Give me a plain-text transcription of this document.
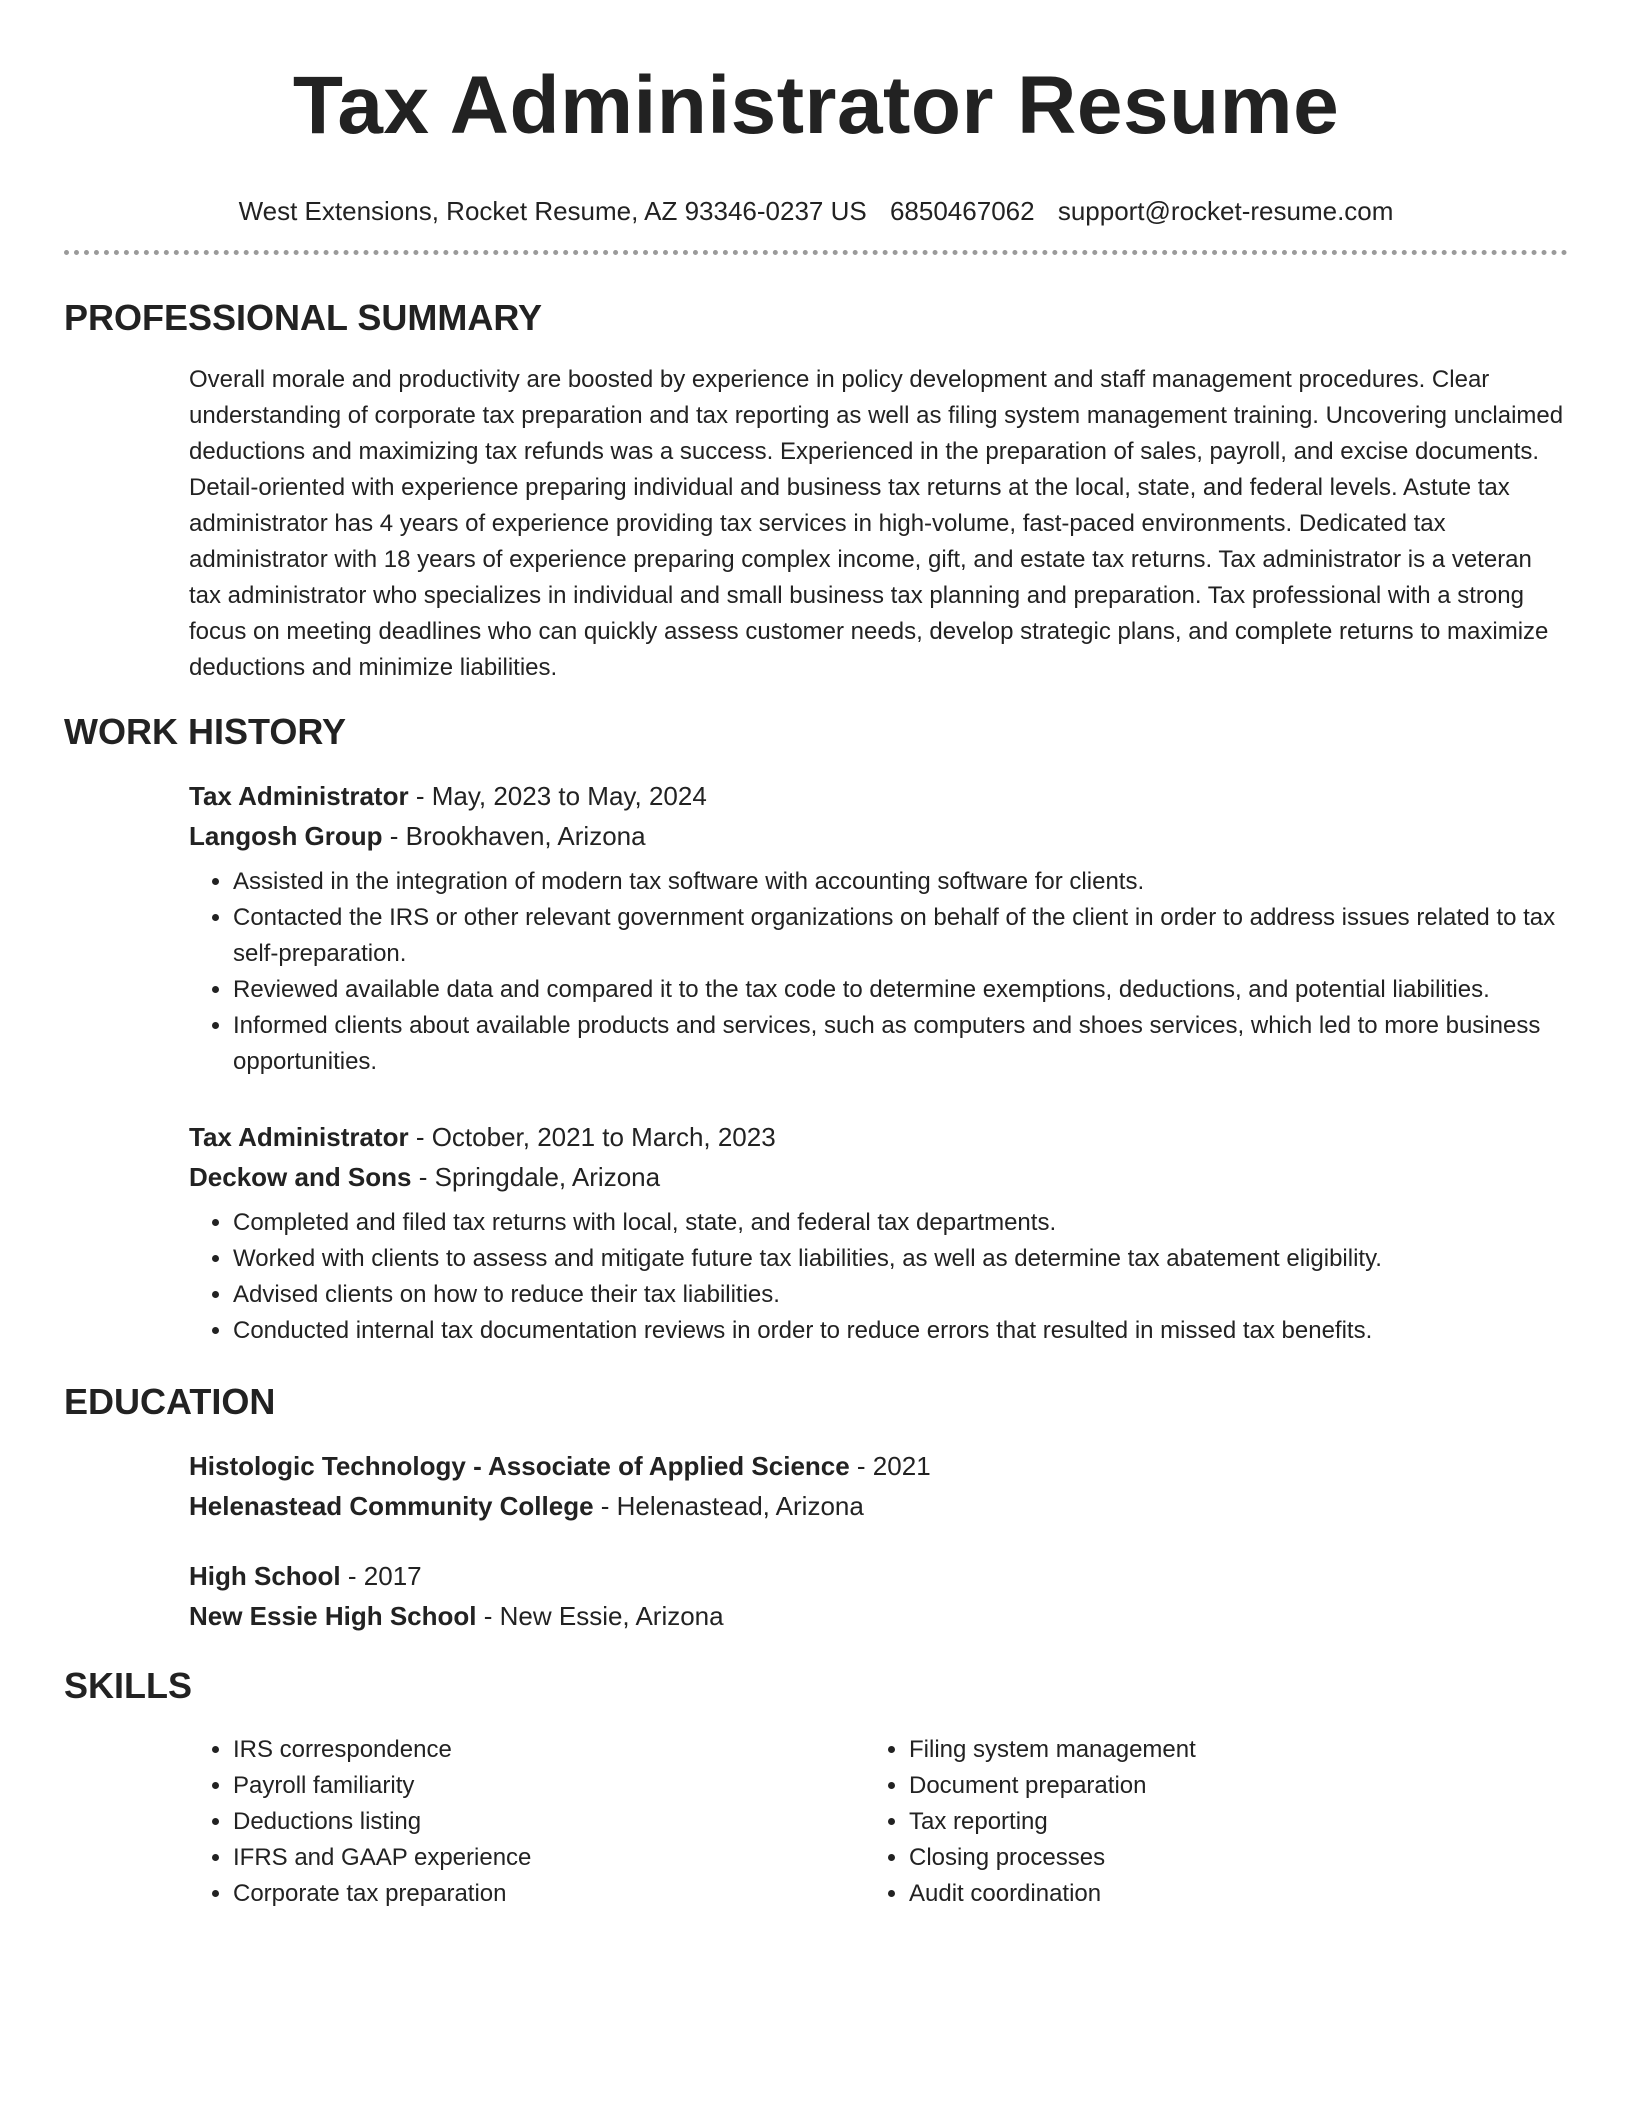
Tax Administrator Resume
West Extensions, Rocket Resume, AZ 93346-0237 US 6850467062 support@rocket-resume.com
PROFESSIONAL SUMMARY

Overall morale and productivity are boosted by experience in policy development and staff management procedures. Clear understanding of corporate tax preparation and tax reporting as well as filing system management training. Uncovering unclaimed deductions and maximizing tax refunds was a success. Experienced in the preparation of sales, payroll, and excise documents. Detail-oriented with experience preparing individual and business tax returns at the local, state, and federal levels. Astute tax administrator has 4 years of experience providing tax services in high-volume, fast-paced environments. Dedicated tax administrator with 18 years of experience preparing complex income, gift, and estate tax returns. Tax administrator is a veteran tax administrator who specializes in individual and small business tax planning and preparation. Tax professional with a strong focus on meeting deadlines who can quickly assess customer needs, develop strategic plans, and complete returns to maximize deductions and minimize liabilities.

WORK HISTORY

Tax Administrator - May, 2023 to May, 2024

Langosh Group - Brookhaven, Arizona

• Assisted in the integration of modern tax software with accounting software for clients.
• Contacted the IRS or other relevant government organizations on behalf of the client in order to address issues related to tax self-preparation.
• Reviewed available data and compared it to the tax code to determine exemptions, deductions, and potential liabilities.
• Informed clients about available products and services, such as computers and shoes services, which led to more business opportunities.

Tax Administrator - October, 2021 to March, 2023

Deckow and Sons - Springdale, Arizona

• Completed and filed tax returns with local, state, and federal tax departments.
• Worked with clients to assess and mitigate future tax liabilities, as well as determine tax abatement eligibility.
• Advised clients on how to reduce their tax liabilities.
• Conducted internal tax documentation reviews in order to reduce errors that resulted in missed tax benefits.
EDUCATION

Histologic Technology - Associate of Applied Science - 2021

Helenastead Community College - Helenastead, Arizona

High School - 2017

New Essie High School - New Essie, Arizona

SKILLS
• IRS correspondence
• Payroll familiarity
• Deductions listing
• IFRS and GAAP experience
• Corporate tax preparation
• Filing system management
• Document preparation
• Tax reporting
• Closing processes
• Audit coordination
